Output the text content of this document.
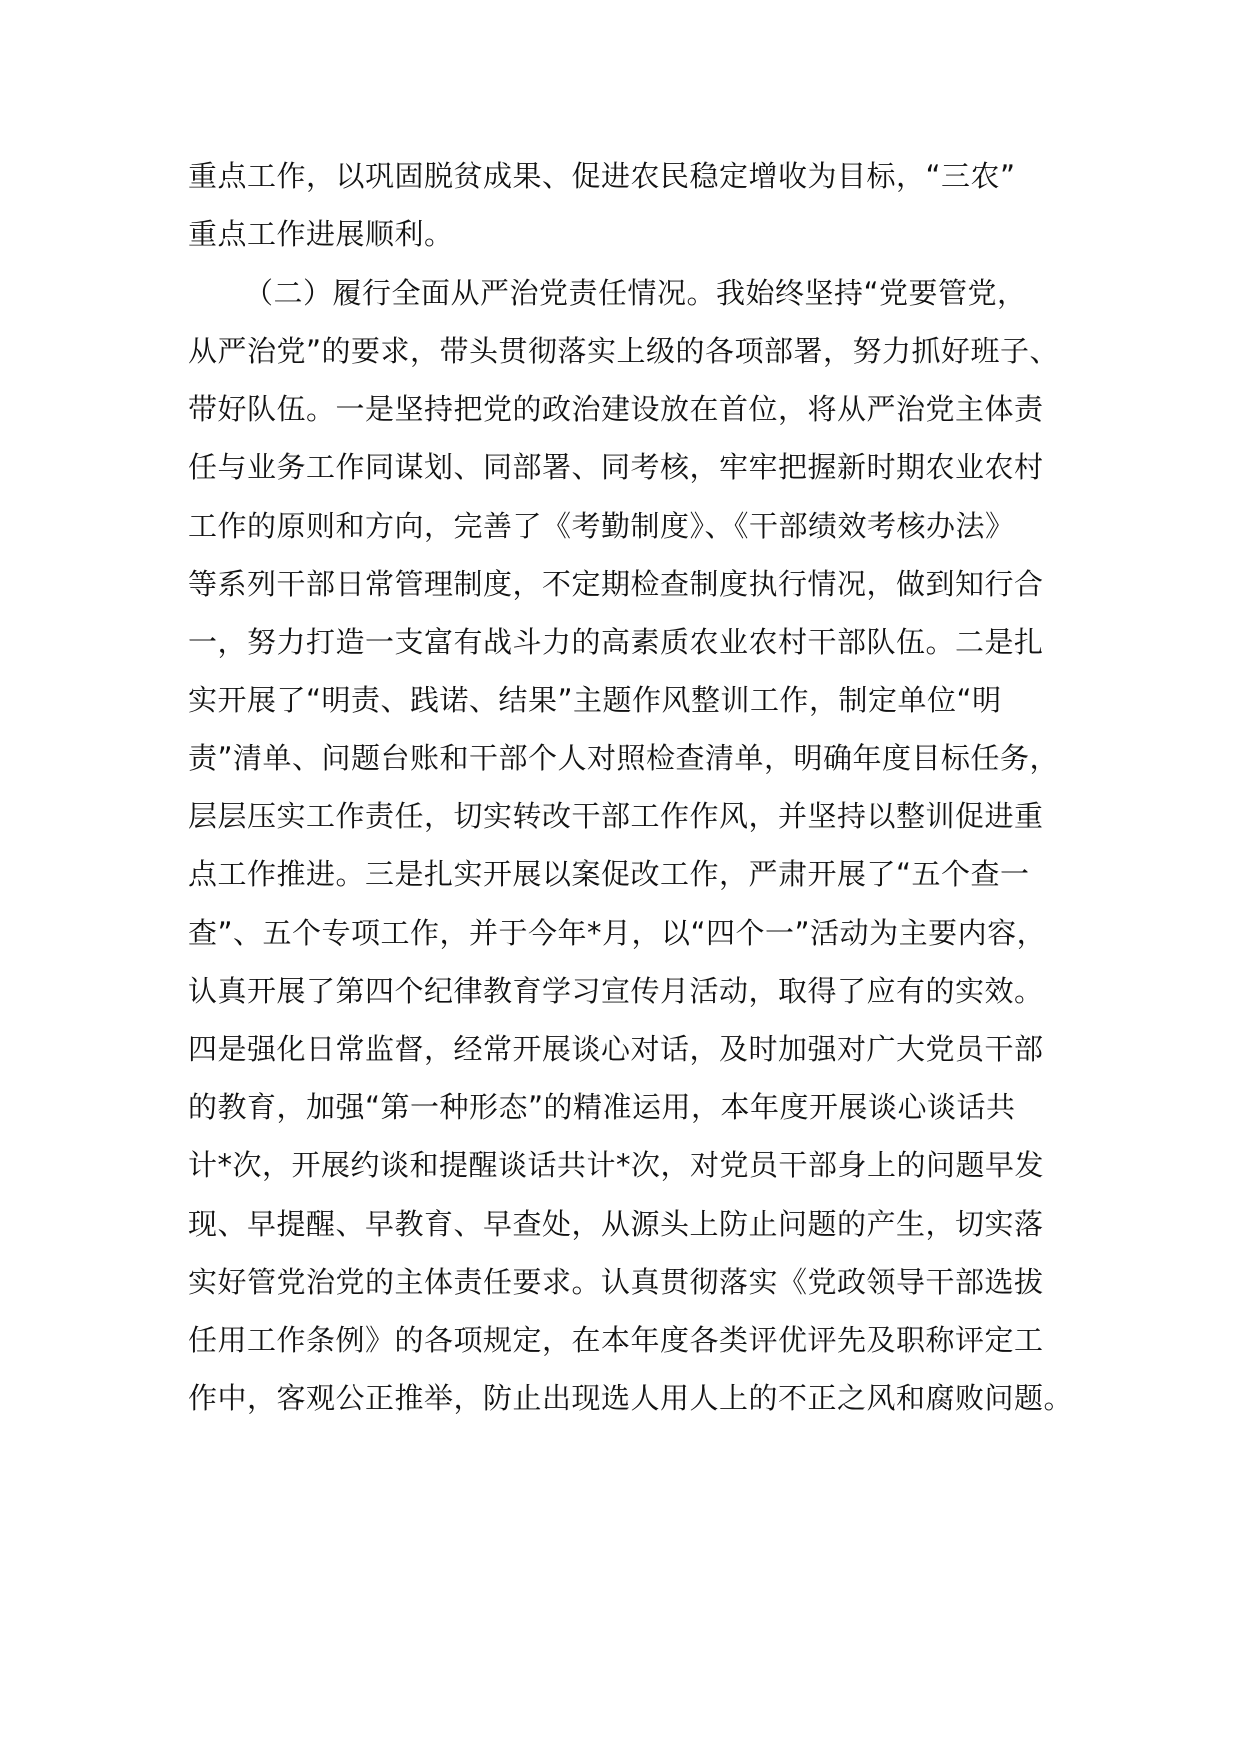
重点工作，以巩固脱贫成果、促进农民稳定增收为目标，“三农”
重点工作进展顺利。
（二）履行全面从严治党责任情况。我始终坚持“党要管党，
从严治党”的要求，带头贯彻落实上级的各项部署，努力抓好班子、
带好队伍。一是坚持把党的政治建设放在首位，将从严治党主体责
任与业务工作同谋划、同部署、同考核，牢牢把握新时期农业农村
工作的原则和方向，完善了《考勤制度》、《干部绩效考核办法》
等系列干部日常管理制度，不定期检查制度执行情况，做到知行合
一，努力打造一支富有战斗力的高素质农业农村干部队伍。二是扎
实开展了“明责、践诺、结果”主题作风整训工作，制定单位“明
责”清单、问题台账和干部个人对照检查清单，明确年度目标任务，
层层压实工作责任，切实转改干部工作作风，并坚持以整训促进重
点工作推进。三是扎实开展以案促改工作，严肃开展了“五个查一
查”、五个专项工作，并于今年*月，以“四个一”活动为主要内容，
认真开展了第四个纪律教育学习宣传月活动，取得了应有的实效。
四是强化日常监督，经常开展谈心对话，及时加强对广大党员干部
的教育，加强“第一种形态”的精准运用，本年度开展谈心谈话共
计*次，开展约谈和提醒谈话共计*次，对党员干部身上的问题早发
现、早提醒、早教育、早查处，从源头上防止问题的产生，切实落
实好管党治党的主体责任要求。认真贯彻落实《党政领导干部选拔
任用工作条例》的各项规定，在本年度各类评优评先及职称评定工
作中，客观公正推举，防止出现选人用人上的不正之风和腐败问题。
